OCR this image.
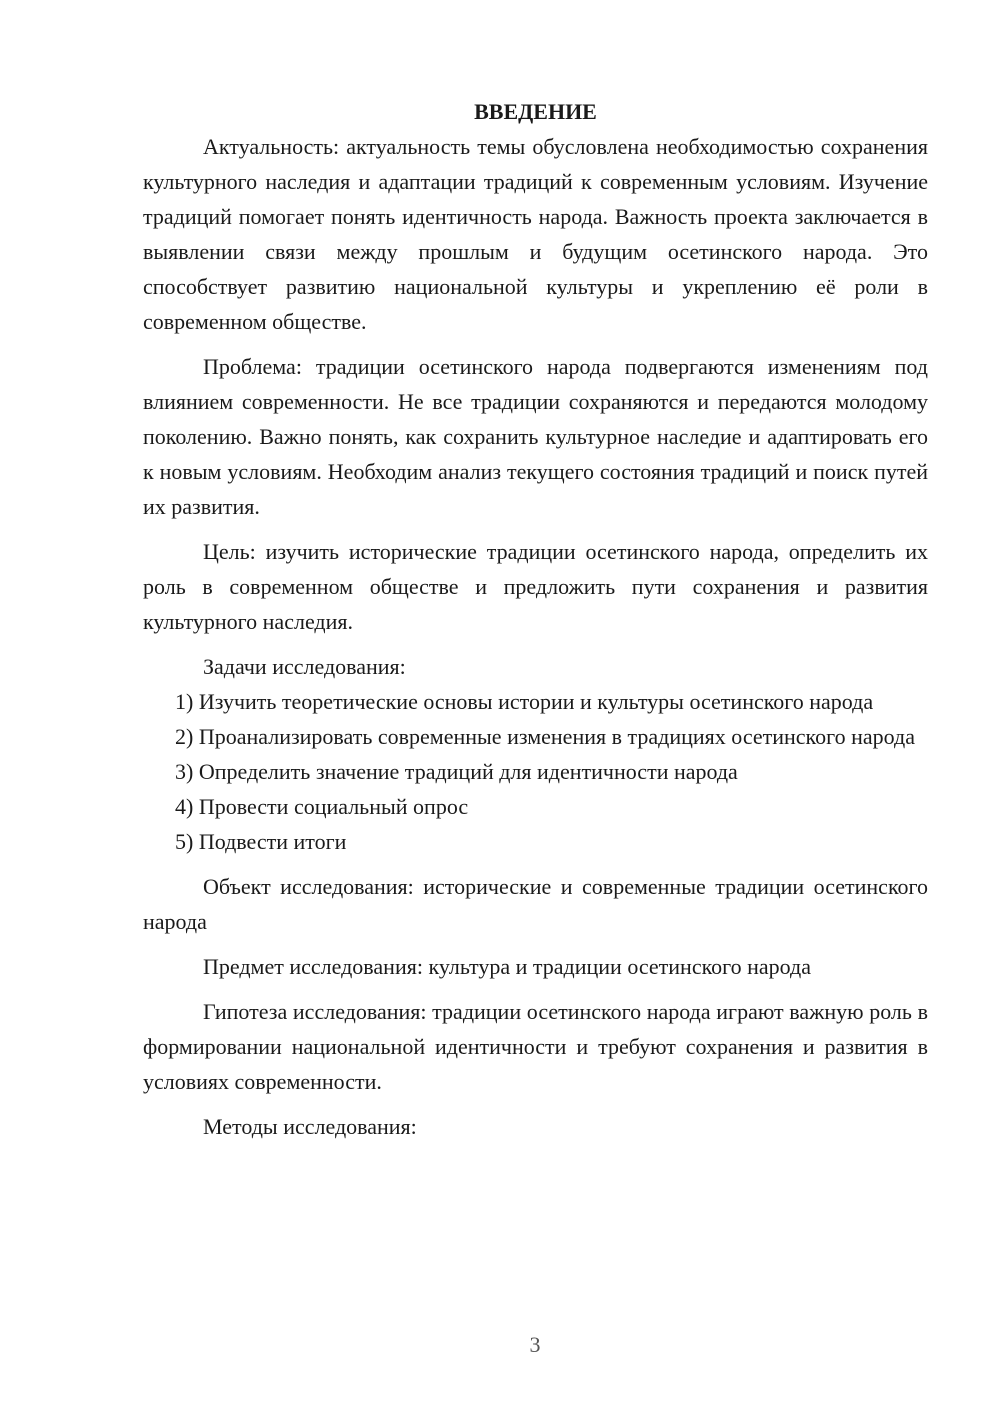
ВВЕДЕНИЕ

Актуальность: актуальность темы обусловлена необходимостью сохранения культурного наследия и адаптации традиций к современным условиям. Изучение традиций помогает понять идентичность народа. Важность проекта заключается в выявлении связи между прошлым и будущим осетинского народа. Это способствует развитию национальной культуры и укреплению её роли в современном обществе.

Проблема: традиции осетинского народа подвергаются изменениям под влиянием современности. Не все традиции сохраняются и передаются молодому поколению. Важно понять, как сохранить культурное наследие и адаптировать его к новым условиям. Необходим анализ текущего состояния традиций и поиск путей их развития.

Цель: изучить исторические традиции осетинского народа, определить их роль в современном обществе и предложить пути сохранения и развития культурного наследия.

Задачи исследования:

1) Изучить теоретические основы истории и культуры осетинского народа

2) Проанализировать современные изменения в традициях осетинского народа

3) Определить значение традиций для идентичности народа

4) Провести социальный опрос

5) Подвести итоги

Объект исследования: исторические и современные традиции осетинского народа

Предмет исследования: культура и традиции осетинского народа

Гипотеза исследования: традиции осетинского народа играют важную роль в формировании национальной идентичности и требуют сохранения и развития в условиях современности.

Методы исследования:

3
